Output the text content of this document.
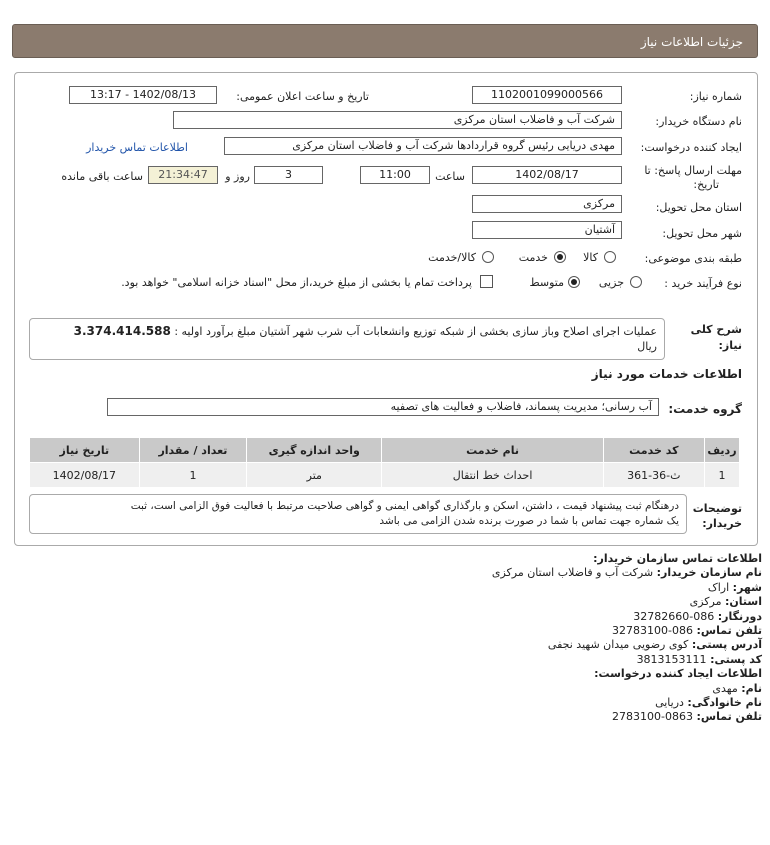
جزئیات اطلاعات نیاز
شماره نیاز:
1102001099000566
تاریخ و ساعت اعلان عمومی:
1402/08/13 - 13:17
نام دستگاه خریدار:
شرکت آب و فاضلاب استان مرکزی
ایجاد کننده درخواست:
مهدی دریایی رئیس گروه قراردادها شرکت آب و فاضلاب استان مرکزی
اطلاعات تماس خریدار
مهلت ارسال پاسخ: تا
تاریخ:
1402/08/17
ساعت
11:00
3
روز و
21:34:47
ساعت باقی مانده
استان محل تحویل:
مرکزی
شهر محل تحویل:
آشتیان
طبقه بندی موضوعی:
کالا
خدمت
کالا/خدمت
نوع فرآیند خرید :
جزیی
متوسط
پرداخت تمام یا بخشی از مبلغ خرید،از محل "اسناد خزانه اسلامی" خواهد بود.
شرح کلی
نیاز:
عملیات اجرای اصلاح وباز سازی بخشی از شبکه توزیع وانشعابات آب شرب شهر آشتیان مبلغ برآورد اولیه : 3.374.414.588
ریال
اطلاعات خدمات مورد نیاز
گروه خدمت:
آب رسانی؛ مدیریت پسماند، فاضلاب و فعالیت های تصفیه
ردیف	کد خدمت	نام خدمت	واحد اندازه گیری	تعداد / مقدار	تاریخ نیاز
1	ث-36-361	احداث خط انتقال	متر	1	1402/08/17
توضیحات
خریدار:
درهنگام ثبت پیشنهاد قیمت ، داشتن، اسکن و بارگذاری گواهی ایمنی و گواهی صلاحیت مرتبط با فعالیت فوق الزامی است، ثبت
یک شماره جهت تماس با شما در صورت برنده شدن الزامی می باشد
اطلاعات تماس سازمان خریدار:
نام سازمان خریدار: شرکت آب و فاضلاب استان مرکزی
شهر: اراک
استان: مرکزی
دورنگار: 086-32782660
تلفن تماس: 086-32783100
آدرس پستی: کوی رضویی میدان شهید نجفی
کد پستی: 3813153111
اطلاعات ایجاد کننده درخواست:
نام: مهدی
نام خانوادگی: دریایی
تلفن تماس: 0863-2783100
